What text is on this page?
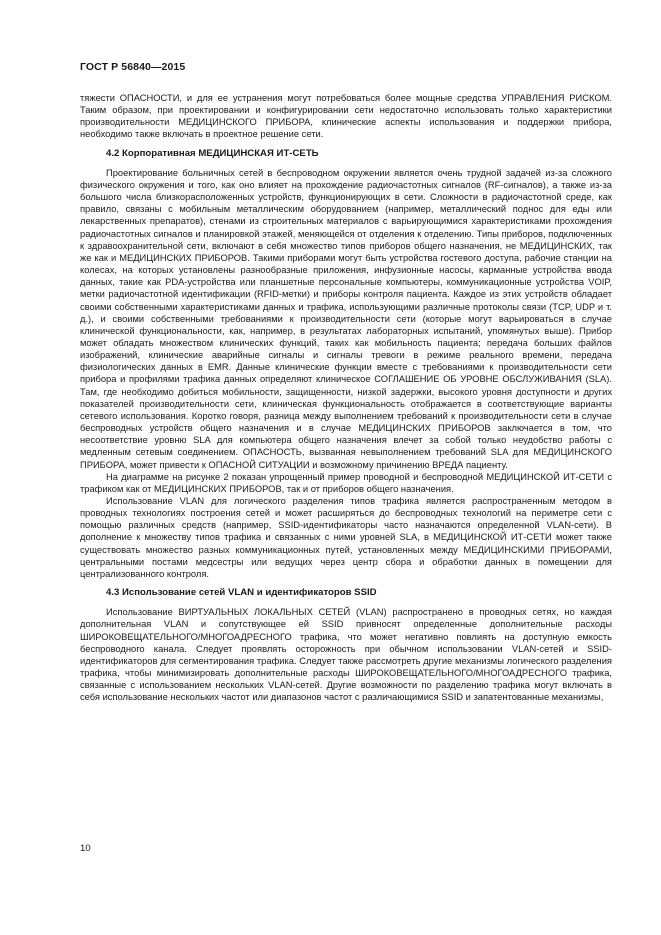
ГОСТ Р 56840—2015

тяжести ОПАСНОСТИ, и для ее устранения могут потребоваться более мощные средства УПРАВЛЕНИЯ РИСКОМ. Таким образом, при проектировании и конфигурировании сети недостаточно использовать только характеристики производительности МЕДИЦИНСКОГО ПРИБОРА, клинические аспекты использования и поддержки прибора, необходимо также включать в проектное решение сети.

4.2 Корпоративная МЕДИЦИНСКАЯ ИТ-СЕТЬ

Проектирование больничных сетей в беспроводном окружении является очень трудной задачей из-за сложного физического окружения и того, как оно влияет на прохождение радиочастотных сигналов (RF-сигналов), а также из-за большого числа близкорасположенных устройств, функционирующих в сети. Сложности в радиочастотной среде, как правило, связаны с мобильным металлическим оборудованием (например, металлический поднос для еды или лекарственных препаратов), стенами из строительных материалов с варьирующимися характеристиками прохождения радиочастотных сигналов и планировкой этажей, меняющейся от отделения к отделению. Типы приборов, подключенных к здравоохранительной сети, включают в себя множество типов приборов общего назначения, не МЕДИЦИНСКИХ, так же как и МЕДИЦИНСКИХ ПРИБОРОВ. Такими приборами могут быть устройства гостевого доступа, рабочие станции на колесах, на которых установлены разнообразные приложения, инфузионные насосы, карманные устройства ввода данных, такие как PDA-устройства или планшетные персональные компьютеры, коммуникационные устройства VOIP, метки радиочастотной идентификации (RFID-метки) и приборы контроля пациента. Каждое из этих устройств обладает своими собственными характеристиками данных и трафика, использующими различные протоколы связи (TCP, UDP и т. д.), и своими собственными требованиями к производительности сети (которые могут варьироваться в случае клинической функциональности, как, например, в результатах лабораторных испытаний, упомянутых выше). Прибор может обладать множеством клинических функций, таких как мобильность пациента; передача больших файлов изображений, клинические аварийные сигналы и сигналы тревоги в режиме реального времени, передача физиологических данных в EMR. Данные клинические функции вместе с требованиями к производительности сети прибора и профилями трафика данных определяют клиническое СОГЛАШЕНИЕ ОБ УРОВНЕ ОБСЛУЖИВАНИЯ (SLA). Там, где необходимо добиться мобильности, защищенности, низкой задержки, высокого уровня доступности и других показателей производительности сети, клиническая функциональность отображается в соответствующие варианты сетевого использования. Коротко говоря, разница между выполнением требований к производительности сети в случае беспроводных устройств общего назначения и в случае МЕДИЦИНСКИХ ПРИБОРОВ заключается в том, что несоответствие уровню SLA для компьютера общего назначения влечет за собой только неудобство работы с медленным сетевым соединением. ОПАСНОСТЬ, вызванная невыполнением требований SLA для МЕДИЦИНСКОГО ПРИБОРА, может привести к ОПАСНОЙ СИТУАЦИИ и возможному причинению ВРЕДА пациенту.

На диаграмме на рисунке 2 показан упрощенный пример проводной и беспроводной МЕДИЦИНСКОЙ ИТ-СЕТИ с трафиком как от МЕДИЦИНСКИХ ПРИБОРОВ, так и от приборов общего назначения.

Использование VLAN для логического разделения типов трафика является распространенным методом в проводных технологиях построения сетей и может расширяться до беспроводных технологий на периметре сети с помощью различных средств (например, SSID-идентификаторы часто назначаются определенной VLAN-сети). В дополнение к множеству типов трафика и связанных с ними уровней SLA, в МЕДИЦИНСКОЙ ИТ-СЕТИ может также существовать множество разных коммуникационных путей, установленных между МЕДИЦИНСКИМИ ПРИБОРАМИ, центральными постами медсестры или ведущих через центр сбора и обработки данных в помещении для централизованного контроля.

4.3 Использование сетей VLAN и идентификаторов SSID

Использование ВИРТУАЛЬНЫХ ЛОКАЛЬНЫХ СЕТЕЙ (VLAN) распространено в проводных сетях, но каждая дополнительная VLAN и сопутствующее ей SSID привносят определенные дополнительные расходы ШИРОКОВЕЩАТЕЛЬНОГО/МНОГОАДРЕСНОГО трафика, что может негативно повлиять на доступную емкость беспроводного канала. Следует проявлять осторожность при обычном использовании VLAN-сетей и SSID-идентификаторов для сегментирования трафика. Следует также рассмотреть другие механизмы логического разделения трафика, чтобы минимизировать дополнительные расходы ШИРОКОВЕЩАТЕЛЬНОГО/МНОГОАДРЕСНОГО трафика, связанные с использованием нескольких VLAN-сетей. Другие возможности по разделению трафика могут включать в себя использование нескольких частот или диапазонов частот с различающимися SSID и запатентованные механизмы,

10
